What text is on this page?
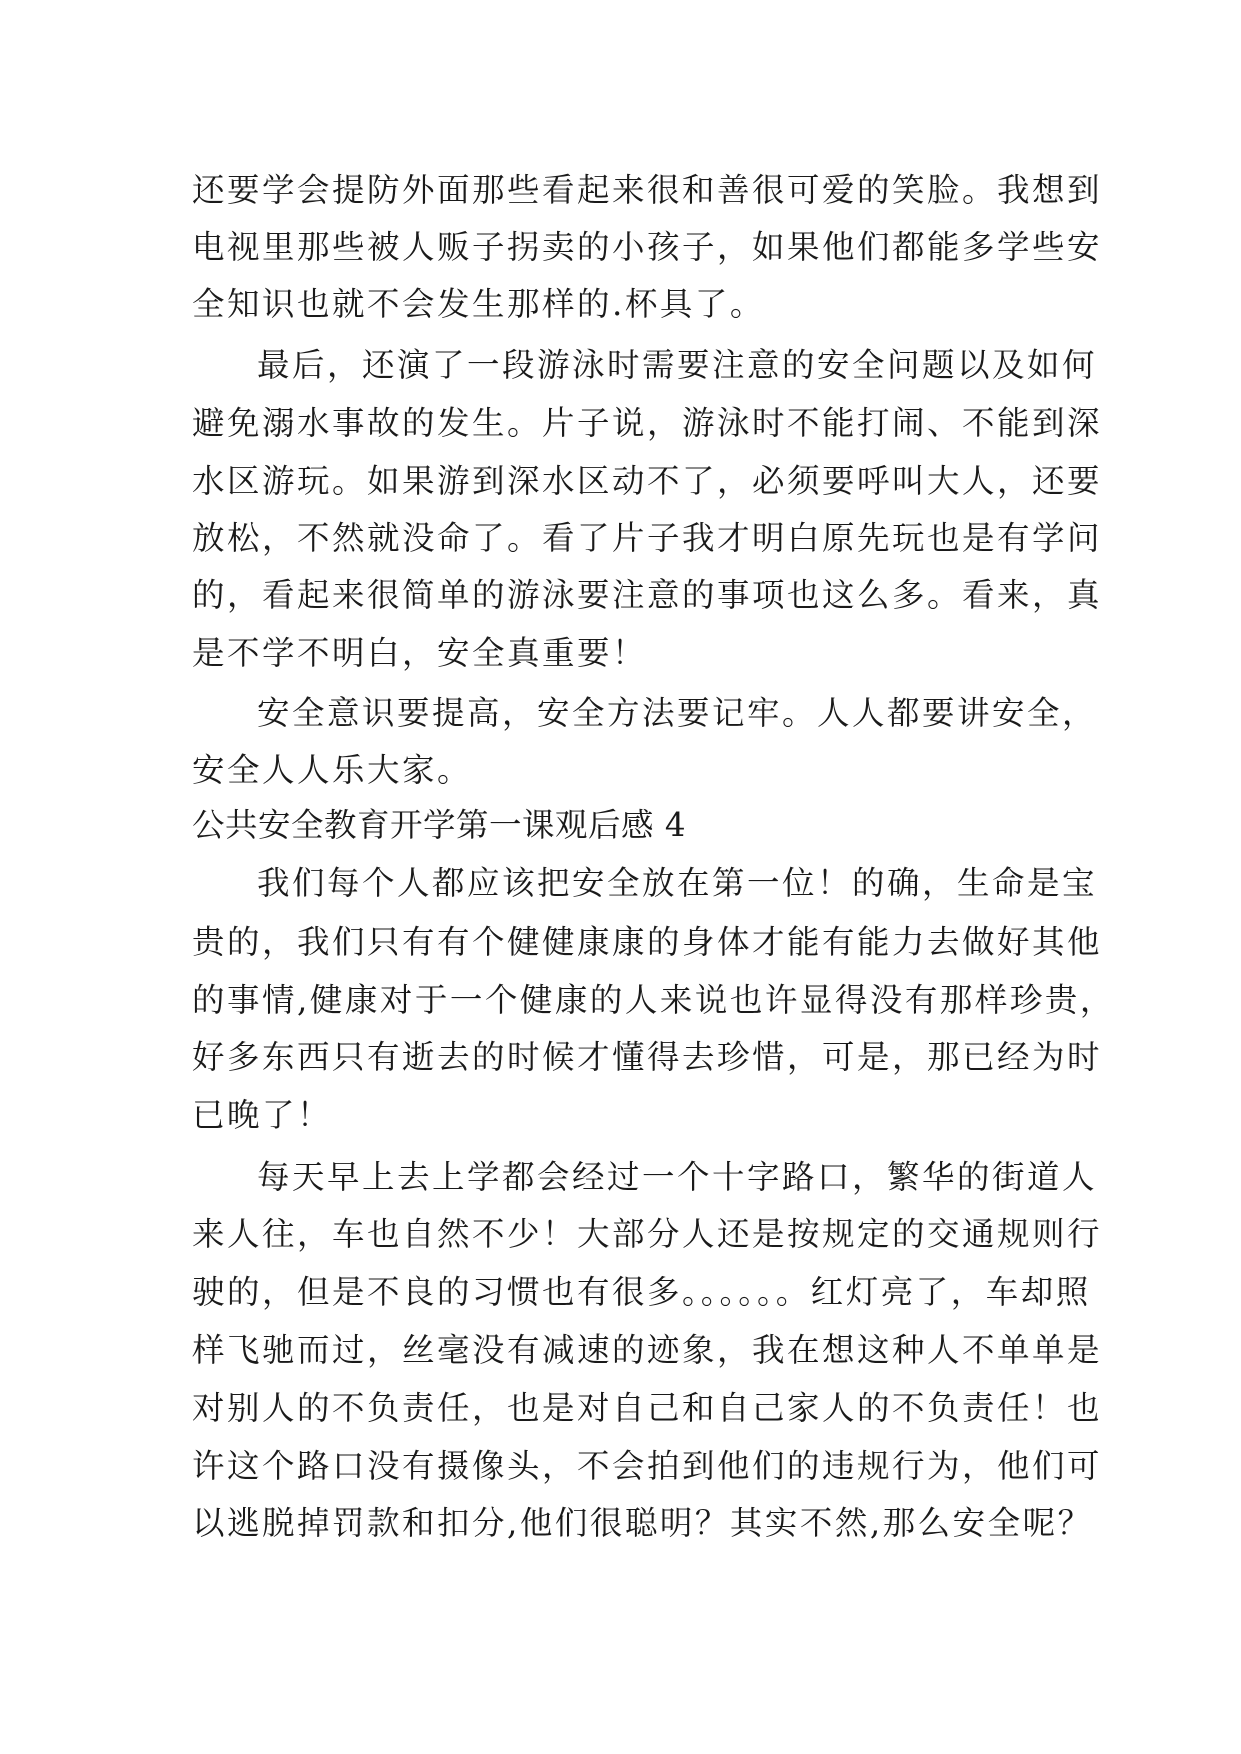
还要学会提防外面那些看起来很和善很可爱的笑脸。我想到
电视里那些被人贩子拐卖的小孩子，如果他们都能多学些安
全知识也就不会发生那样的.杯具了。
最后，还演了一段游泳时需要注意的安全问题以及如何
避免溺水事故的发生。片子说，游泳时不能打闹、不能到深
水区游玩。如果游到深水区动不了，必须要呼叫大人，还要
放松，不然就没命了。看了片子我才明白原先玩也是有学问
的，看起来很简单的游泳要注意的事项也这么多。看来，真
是不学不明白，安全真重要！
安全意识要提高，安全方法要记牢。人人都要讲安全，
安全人人乐大家。
公共安全教育开学第一课观后感 4
我们每个人都应该把安全放在第一位！的确，生命是宝
贵的，我们只有有个健健康康的身体才能有能力去做好其他
的事情,健康对于一个健康的人来说也许显得没有那样珍贵，
好多东西只有逝去的时候才懂得去珍惜，可是，那已经为时
已晚了！
每天早上去上学都会经过一个十字路口，繁华的街道人
来人往，车也自然不少！大部分人还是按规定的交通规则行
驶的，但是不良的习惯也有很多。。。。。。红灯亮了，车却照
样飞驰而过，丝毫没有减速的迹象，我在想这种人不单单是
对别人的不负责任，也是对自己和自己家人的不负责任！也
许这个路口没有摄像头，不会拍到他们的违规行为，他们可
以逃脱掉罚款和扣分,他们很聪明？其实不然,那么安全呢？
